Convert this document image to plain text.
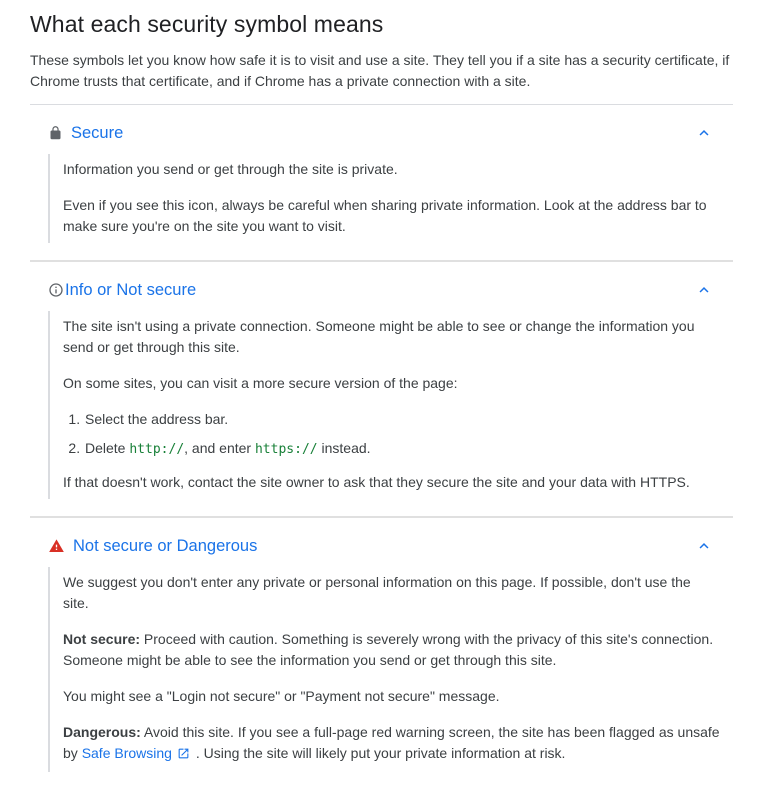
What each security symbol means

These symbols let you know how safe it is to visit and use a site. They tell you if a site has a security certificate, if Chrome trusts that certificate, and if Chrome has a private connection with a site.

Secure

Information you send or get through the site is private.

Even if you see this icon, always be careful when sharing private information. Look at the address bar to make sure you're on the site you want to visit.

Info or Not secure

The site isn't using a private connection. Someone might be able to see or change the information you send or get through this site.

On some sites, you can visit a more secure version of the page:

1. Select the address bar.
2. Delete http://, and enter https:// instead.

If that doesn't work, contact the site owner to ask that they secure the site and your data with HTTPS.

Not secure or Dangerous

We suggest you don't enter any private or personal information on this page. If possible, don't use the site.

Not secure: Proceed with caution. Something is severely wrong with the privacy of this site's connection. Someone might be able to see the information you send or get through this site.

You might see a "Login not secure" or "Payment not secure" message.

Dangerous: Avoid this site. If you see a full-page red warning screen, the site has been flagged as unsafe by Safe Browsing . Using the site will likely put your private information at risk.
